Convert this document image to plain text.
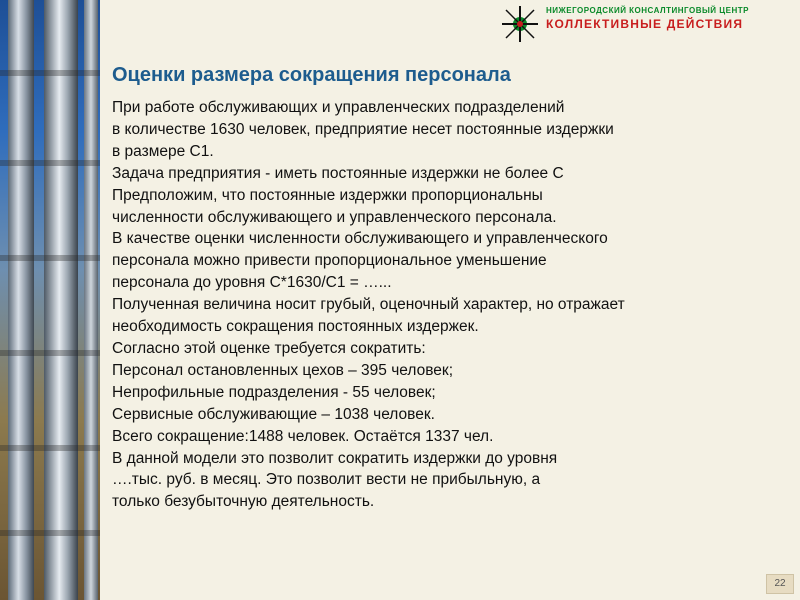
НИЖЕГОРОДСКИЙ КОНСАЛТИНГОВЫЙ ЦЕНТР
КОЛЛЕКТИВНЫЕ ДЕЙСТВИЯ
Оценки размера сокращения персонала
При работе обслуживающих и управленческих подразделений
в количестве 1630 человек, предприятие несет постоянные издержки
в размере С1.
Задача предприятия - иметь постоянные издержки не более С
Предположим, что постоянные издержки пропорциональны
численности обслуживающего и управленческого персонала.
В качестве оценки численности обслуживающего и управленческого
персонала можно привести пропорциональное уменьшение
персонала до уровня С*1630/С1 = …...
Полученная величина носит грубый, оценочный характер, но отражает
необходимость сокращения постоянных издержек.
Согласно этой оценке требуется сократить:
Персонал остановленных цехов – 395 человек;
Непрофильные подразделения - 55 человек;
Сервисные обслуживающие – 1038 человек.
Всего сокращение:1488 человек. Остаётся 1337 чел.
В данной модели это позволит сократить издержки до уровня
….тыс. руб. в месяц. Это позволит вести не прибыльную, а
только безубыточную деятельность.
22
